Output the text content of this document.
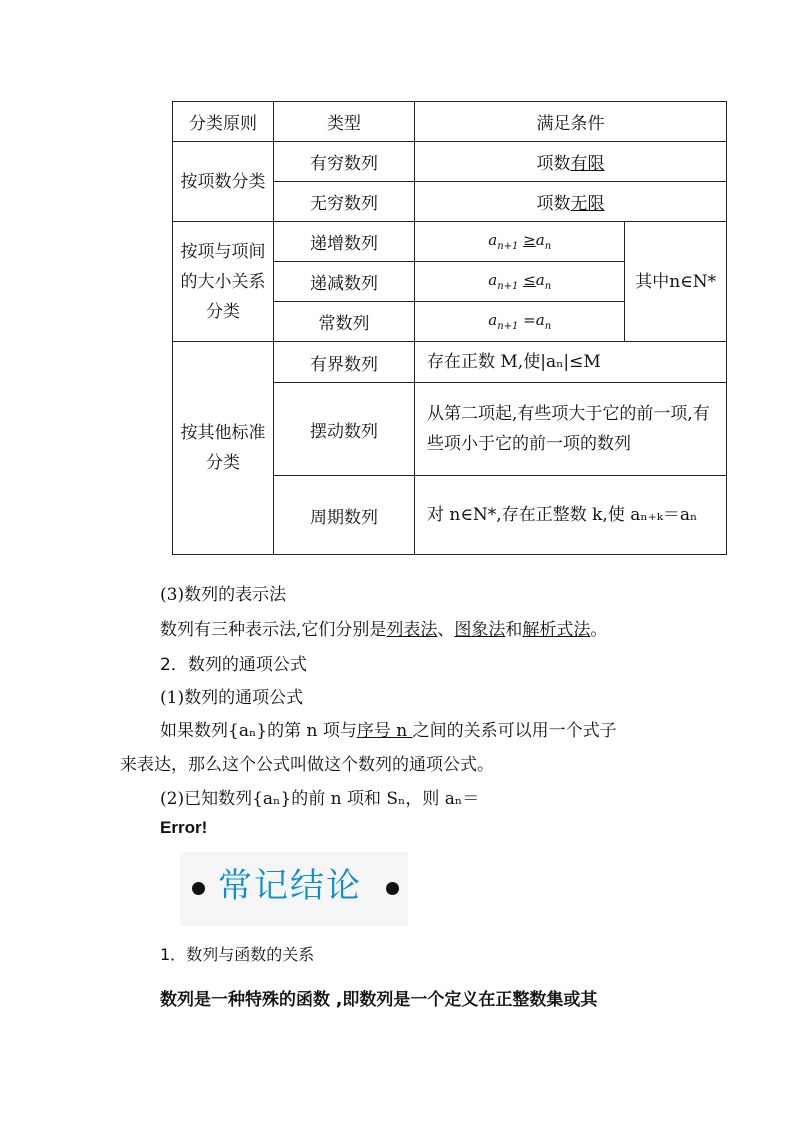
分类原则	类型	满足条件	
按项数分类	有穷数列	项数有限	
	无穷数列	项数无限	
按项与项间的大小关系分类	递增数列	$a_{n+1} \ge a_n$	其中n∈N*
	递减数列	$a_{n+1} \le a_n$
	常数列	$a_{n+1} =a_n$
按其他标准分类	有界数列	存在正数 M,使|aₙ|≤M	
	摆动数列	从第二项起,有些项大于它的前一项,有些项小于它的前一项的数列	
	周期数列	对 n∈N*,存在正整数 k,使 aₙ₊ₖ＝aₙ	
(3)数列的表示法
数列有三种表示法,它们分别是列表法、图象法和解析式法。
2．数列的通项公式
(1)数列的通项公式
如果数列{aₙ}的第 n 项与序号 n 之间的关系可以用一个式子
来表达，那么这个公式叫做这个数列的通项公式。
(2)已知数列{aₙ}的前 n 项和 Sₙ，则 aₙ＝
Error!
常记结论
1．数列与函数的关系
数列是一种特殊的函数 ,即数列是一个定义在正整数集或其
